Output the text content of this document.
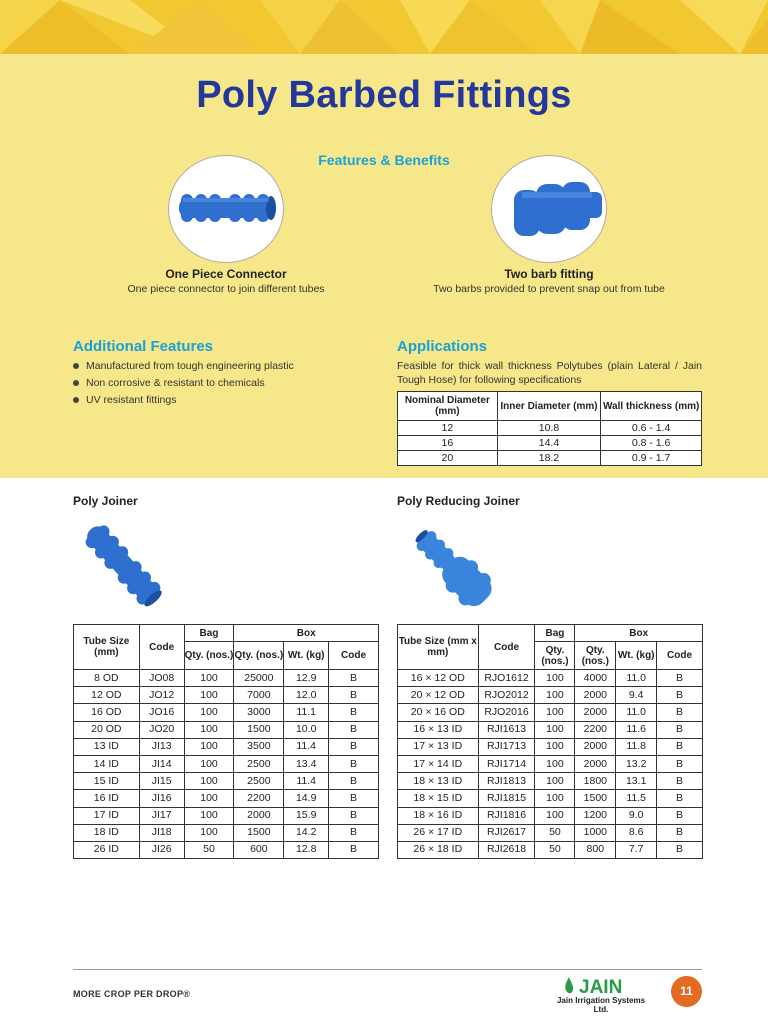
Poly Barbed Fittings
Features & Benefits
One Piece Connector
One piece connector to join different tubes
Two barb fitting
Two barbs provided to prevent snap out from tube
Additional Features
Manufactured from tough engineering plastic
Non corrosive & resistant to chemicals
UV resistant fittings
Applications
Feasible for thick wall thickness Polytubes (plain Lateral / Jain Tough Hose) for following specifications
Nominal Diameter (mm)	Inner Diameter (mm)	Wall thickness (mm)
12	10.8	0.6 - 1.4
16	14.4	0.8 - 1.6
20	18.2	0.9 - 1.7
Poly Joiner	Poly Reducing Joiner
Tube Size (mm)	Code	Bag	Box		
		Qty. (nos.)	Qty. (nos.)	Wt. (kg)	Code
8 OD	JO08	100	25000	12.9	B
12 OD	JO12	100	7000	12.0	B
16 OD	JO16	100	3000	11.1	B
20 OD	JO20	100	1500	10.0	B
13 ID	JI13	100	3500	11.4	B
14 ID	JI14	100	2500	13.4	B
15 ID	JI15	100	2500	11.4	B
16 ID	JI16	100	2200	14.9	B
17 ID	JI17	100	2000	15.9	B
18 ID	JI18	100	1500	14.2	B
26 ID	JI26	50	600	12.8	B
Tube Size (mm x mm)	Code	Bag	Box		
		Qty. (nos.)	Qty. (nos.)	Wt. (kg)	Code
16 × 12 OD	RJO1612	100	4000	11.0	B
20 × 12 OD	RJO2012	100	2000	9.4	B
20 × 16 OD	RJO2016	100	2000	11.0	B
16 × 13 ID	RJI1613	100	2200	11.6	B
17 × 13 ID	RJI1713	100	2000	11.8	B
17 × 14 ID	RJI1714	100	2000	13.2	B
18 × 13 ID	RJI1813	100	1800	13.1	B
18 × 15 ID	RJI1815	100	1500	11.5	B
18 × 16 ID	RJI1816	100	1200	9.0	B
26 × 17 ID	RJI2617	50	1000	8.6	B
26 × 18 ID	RJI2618	50	800	7.7	B
MORE CROP PER DROP®	JAIN
Jain Irrigation Systems Ltd.
11
